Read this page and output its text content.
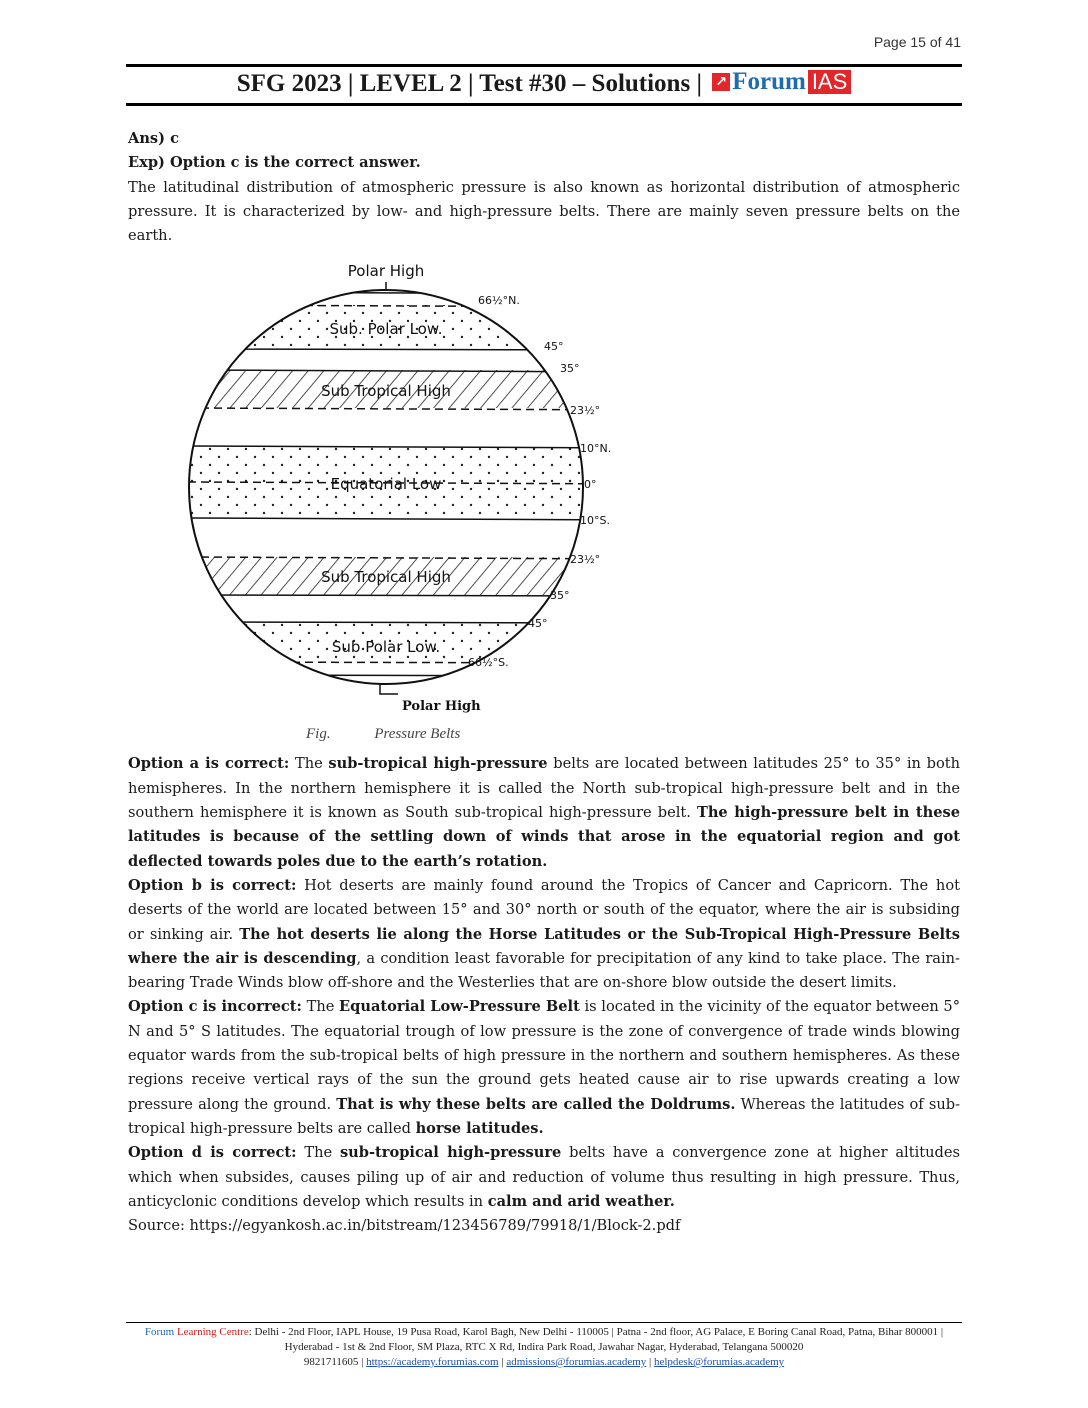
Page 15 of 41
SFG 2023 | LEVEL 2 | Test #30 – Solutions | ↗ Forum IAS

Ans) c

Exp) Option c is the correct answer.

The latitudinal distribution of atmospheric pressure is also known as horizontal distribution of atmospheric pressure. It is characterized by low- and high-pressure belts. There are mainly seven pressure belts on the earth.

Polar High
Sub. Polar Low.
Sub Tropical High
Equatorial Low
Sub Tropical High
Sub Polar Low.
Polar High
66½°N.
45°
35°
23½°
10°N.
0°
10°S.
23½°
35°
45°
66½°S.
Fig.	Pressure Belts

Option a is correct: The sub-tropical high-pressure belts are located between latitudes 25° to 35° in both hemispheres. In the northern hemisphere it is called the North sub-tropical high-pressure belt and in the southern hemisphere it is known as South sub-tropical high-pressure belt. The high-pressure belt in these latitudes is because of the settling down of winds that arose in the equatorial region and got deflected towards poles due to the earth’s rotation.

Option b is correct: Hot deserts are mainly found around the Tropics of Cancer and Capricorn. The hot deserts of the world are located between 15° and 30° north or south of the equator, where the air is subsiding or sinking air. The hot deserts lie along the Horse Latitudes or the Sub-Tropical High-Pressure Belts where the air is descending, a condition least favorable for precipitation of any kind to take place. The rain-bearing Trade Winds blow off-shore and the Westerlies that are on-shore blow outside the desert limits.

Option c is incorrect: The Equatorial Low-Pressure Belt is located in the vicinity of the equator between 5° N and 5° S latitudes. The equatorial trough of low pressure is the zone of convergence of trade winds blowing equator wards from the sub-tropical belts of high pressure in the northern and southern hemispheres. As these regions receive vertical rays of the sun the ground gets heated cause air to rise upwards creating a low pressure along the ground. That is why these belts are called the Doldrums. Whereas the latitudes of sub-tropical high-pressure belts are called horse latitudes.

Option d is correct: The sub-tropical high-pressure belts have a convergence zone at higher altitudes which when subsides, causes piling up of air and reduction of volume thus resulting in high pressure. Thus, anticyclonic conditions develop which results in calm and arid weather.

Source: https://egyankosh.ac.in/bitstream/123456789/79918/1/Block-2.pdf

Forum Learning Centre: Delhi - 2nd Floor, IAPL House, 19 Pusa Road, Karol Bagh, New Delhi - 110005 | Patna - 2nd floor, AG Palace, E Boring Canal Road, Patna, Bihar 800001 | Hyderabad - 1st & 2nd Floor, SM Plaza, RTC X Rd, Indira Park Road, Jawahar Nagar, Hyderabad, Telangana 500020
9821711605 | https://academy.forumias.com | admissions@forumias.academy | helpdesk@forumias.academy
